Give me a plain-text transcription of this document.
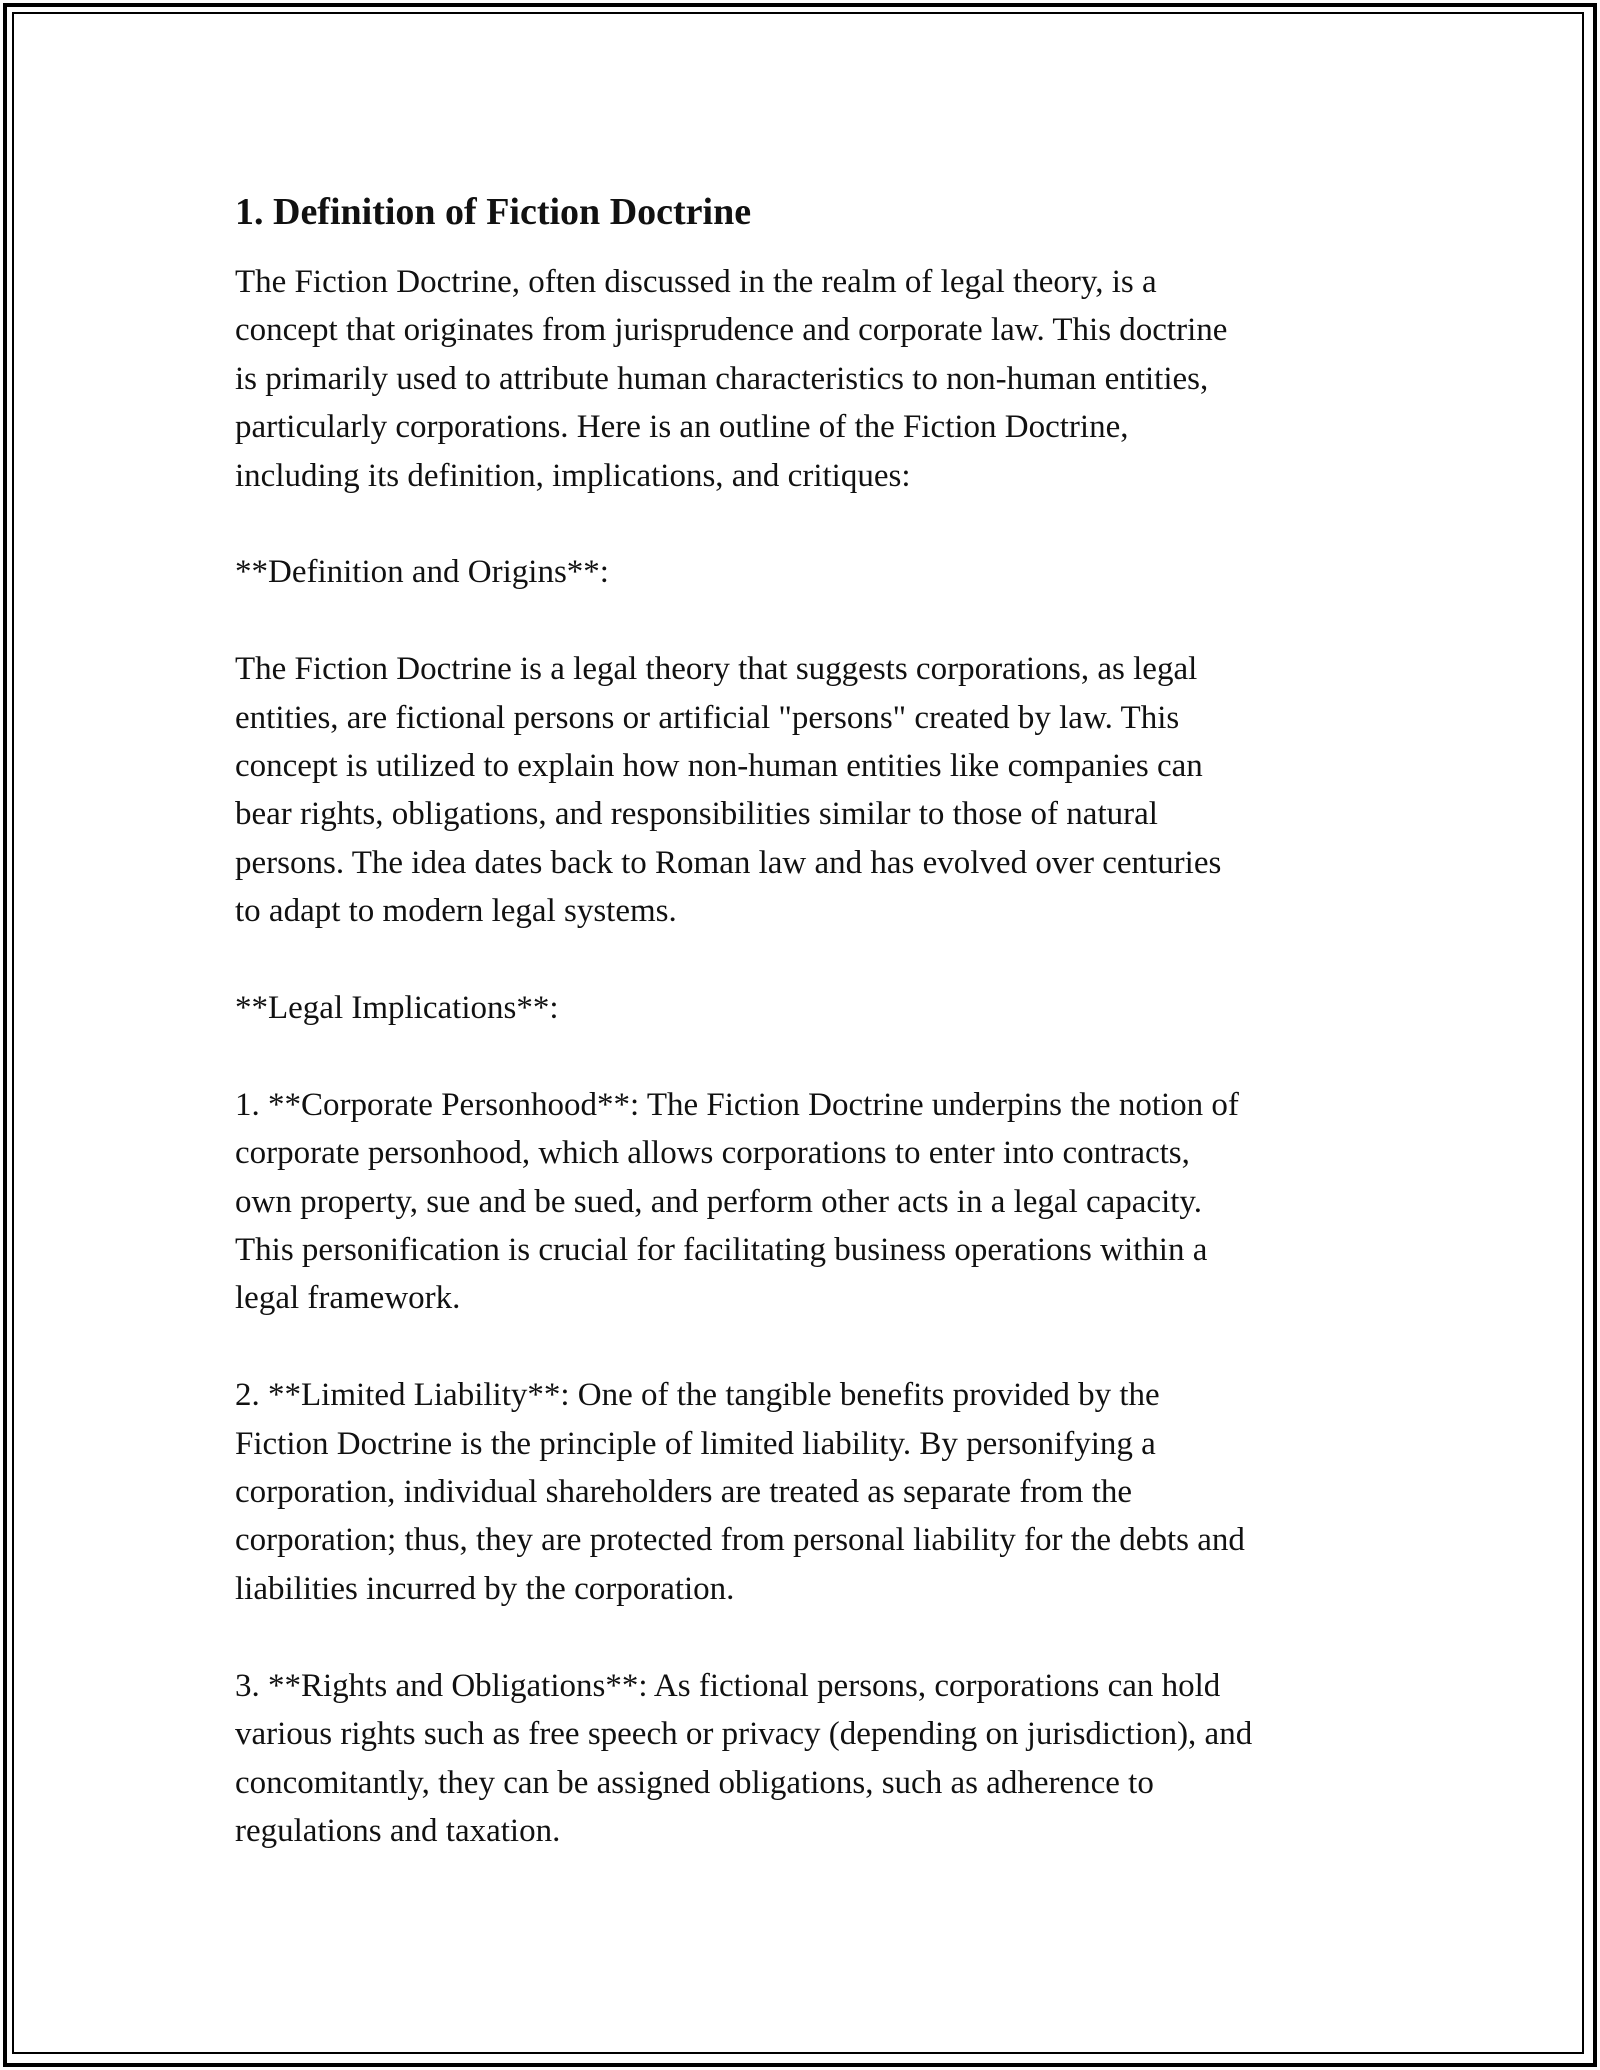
1. Definition of Fiction Doctrine

The Fiction Doctrine, often discussed in the realm of legal theory, is a
concept that originates from jurisprudence and corporate law. This doctrine
is primarily used to attribute human characteristics to non-human entities,
particularly corporations. Here is an outline of the Fiction Doctrine,
including its definition, implications, and critiques:

**Definition and Origins**:

The Fiction Doctrine is a legal theory that suggests corporations, as legal
entities, are fictional persons or artificial "persons" created by law. This
concept is utilized to explain how non-human entities like companies can
bear rights, obligations, and responsibilities similar to those of natural
persons. The idea dates back to Roman law and has evolved over centuries
to adapt to modern legal systems.

**Legal Implications**:

1. **Corporate Personhood**: The Fiction Doctrine underpins the notion of
corporate personhood, which allows corporations to enter into contracts,
own property, sue and be sued, and perform other acts in a legal capacity.
This personification is crucial for facilitating business operations within a
legal framework.

2. **Limited Liability**: One of the tangible benefits provided by the
Fiction Doctrine is the principle of limited liability. By personifying a
corporation, individual shareholders are treated as separate from the
corporation; thus, they are protected from personal liability for the debts and
liabilities incurred by the corporation.

3. **Rights and Obligations**: As fictional persons, corporations can hold
various rights such as free speech or privacy (depending on jurisdiction), and
concomitantly, they can be assigned obligations, such as adherence to
regulations and taxation.
